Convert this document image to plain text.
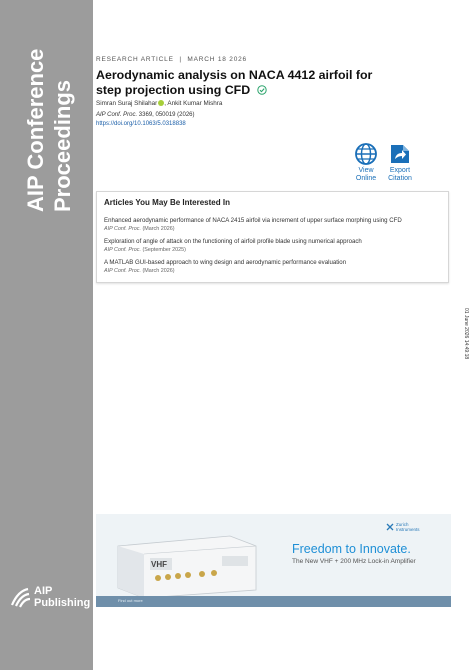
AIP Conference Proceedings
AIP
Publishing
RESEARCH ARTICLE | MARCH 18 2026
Aerodynamic analysis on NACA 4412 airfoil for step projection using CFD
Simran Suraj Shilahar , Ankit Kumar Mishra
AIP Conf. Proc. 3369, 050019 (2026)
https://doi.org/10.1063/5.0318838
View
Online
Export
Citation
Articles You May Be Interested In
Enhanced aerodynamic performance of NACA 2415 airfoil via increment of upper surface morphing using CFD
AIP Conf. Proc. (March 2026)
Exploration of angle of attack on the functioning of airfoil profile blade using numerical approach
AIP Conf. Proc. (September 2025)
A MATLAB GUI-based approach to wing design and aerodynamic performance evaluation
AIP Conf. Proc. (March 2026)
01 June 2026 14:49:18
VHF
Zurich
Instruments
Freedom to Innovate.
The New VHF + 200 MHz Lock-in Amplifier
Find out more
